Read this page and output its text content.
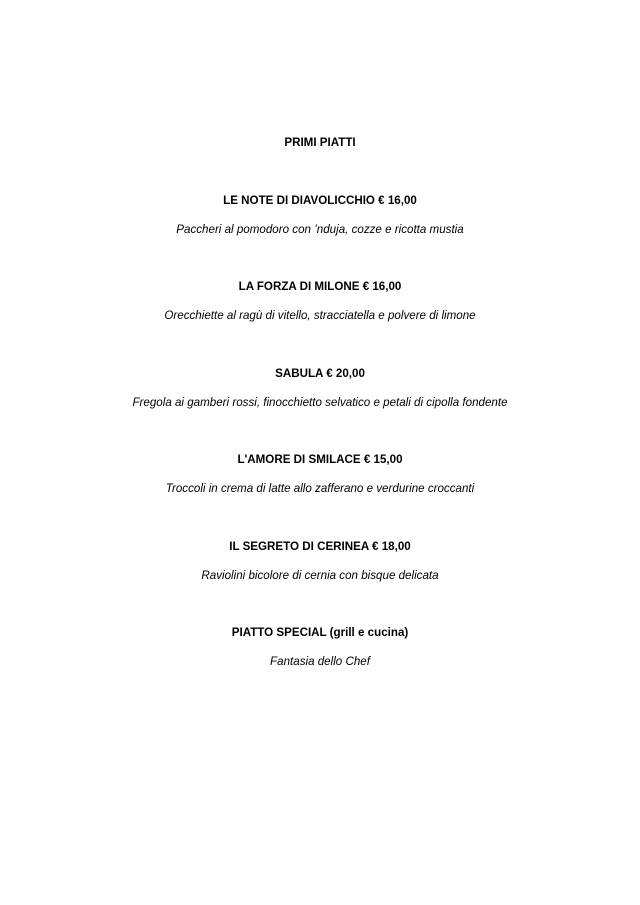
PRIMI PIATTI
LE NOTE DI DIAVOLICCHIO € 16,00
Paccheri al pomodoro con ’nduja, cozze e ricotta mustia
LA FORZA DI MILONE € 16,00
Orecchiette al ragù di vitello, stracciatella e polvere di limone
SABULA € 20,00
Fregola ai gamberi rossi, finocchietto selvatico e petali di cipolla fondente
L'AMORE DI SMILACE € 15,00
Troccoli in crema di latte allo zafferano e verdurine croccanti
IL SEGRETO DI CERINEA € 18,00
Raviolini bicolore di cernia con bisque delicata
PIATTO SPECIAL (grill e cucina)
Fantasia dello Chef
